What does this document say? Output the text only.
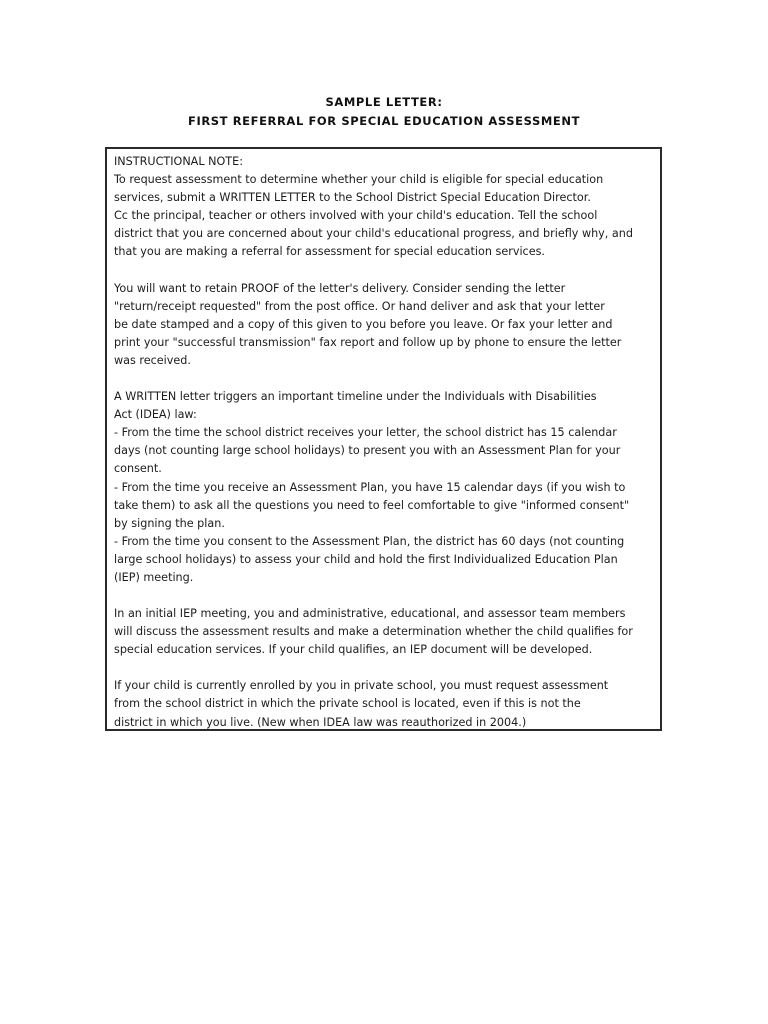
SAMPLE LETTER:
FIRST REFERRAL FOR SPECIAL EDUCATION ASSESSMENT
INSTRUCTIONAL NOTE:
To request assessment to determine whether your child is eligible for special education
services, submit a WRITTEN LETTER to the School District Special Education Director.
Cc the principal, teacher or others involved with your child's education. Tell the school
district that you are concerned about your child's educational progress, and briefly why, and
that you are making a referral for assessment for special education services.
You will want to retain PROOF of the letter's delivery. Consider sending the letter
"return/receipt requested" from the post office. Or hand deliver and ask that your letter
be date stamped and a copy of this given to you before you leave. Or fax your letter and
print your "successful transmission" fax report and follow up by phone to ensure the letter
was received.
A WRITTEN letter triggers an important timeline under the Individuals with Disabilities
Act (IDEA) law:
- From the time the school district receives your letter, the school district has 15 calendar
days (not counting large school holidays) to present you with an Assessment Plan for your
consent.
- From the time you receive an Assessment Plan, you have 15 calendar days (if you wish to
take them) to ask all the questions you need to feel comfortable to give "informed consent"
by signing the plan.
- From the time you consent to the Assessment Plan, the district has 60 days (not counting
large school holidays) to assess your child and hold the first Individualized Education Plan
(IEP) meeting.
In an initial IEP meeting, you and administrative, educational, and assessor team members
will discuss the assessment results and make a determination whether the child qualifies for
special education services. If your child qualifies, an IEP document will be developed.
If your child is currently enrolled by you in private school, you must request assessment
from the school district in which the private school is located, even if this is not the
district in which you live. (New when IDEA law was reauthorized in 2004.)
